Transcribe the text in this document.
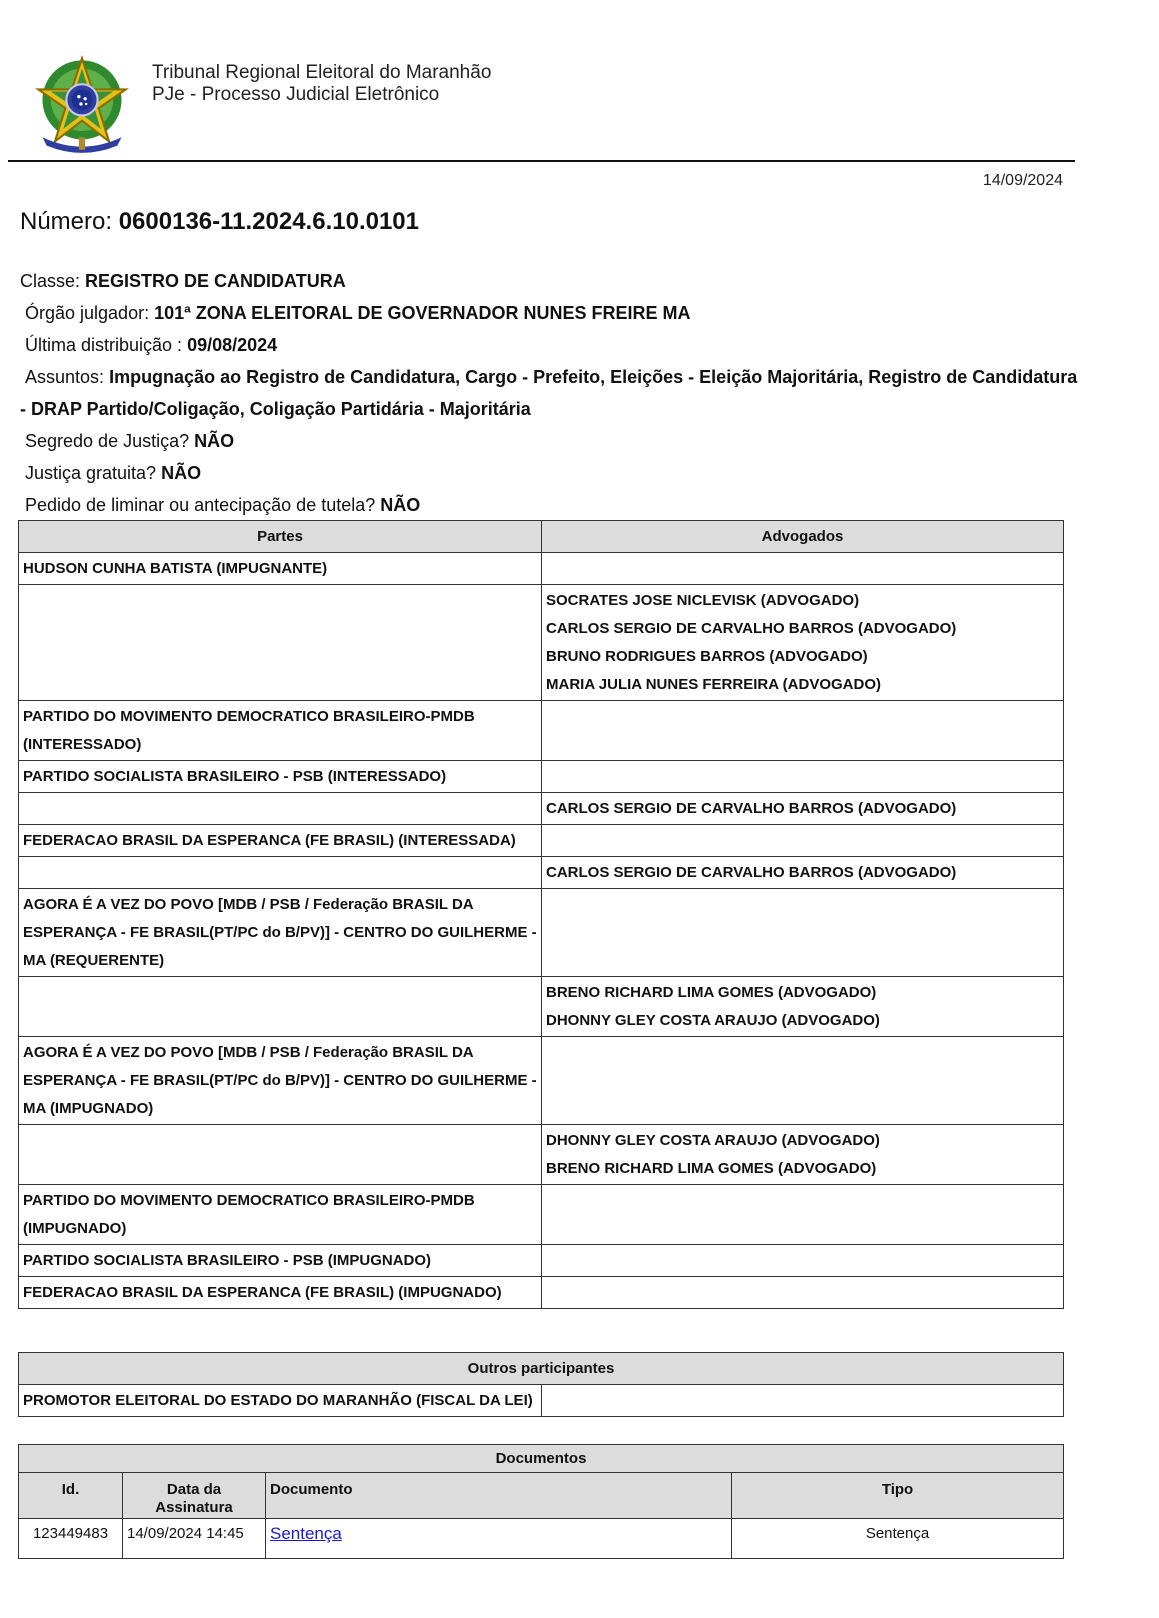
Tribunal Regional Eleitoral do Maranhão
PJe - Processo Judicial Eletrônico
14/09/2024
Número: 0600136-11.2024.6.10.0101
Classe: REGISTRO DE CANDIDATURA
Órgão julgador: 101ª ZONA ELEITORAL DE GOVERNADOR NUNES FREIRE MA
Última distribuição : 09/08/2024
Assuntos: Impugnação ao Registro de Candidatura, Cargo - Prefeito, Eleições - Eleição Majoritária, Registro de Candidatura - DRAP Partido/Coligação, Coligação Partidária - Majoritária
Segredo de Justiça? NÃO
Justiça gratuita? NÃO
Pedido de liminar ou antecipação de tutela? NÃO
Partes	Advogados
HUDSON CUNHA BATISTA (IMPUGNANTE)	

	SOCRATES JOSE NICLEVISK (ADVOGADO)
CARLOS SERGIO DE CARVALHO BARROS (ADVOGADO)
BRUNO RODRIGUES BARROS (ADVOGADO)
MARIA JULIA NUNES FERREIRA (ADVOGADO)

PARTIDO DO MOVIMENTO DEMOCRATICO BRASILEIRO-PMDB (INTERESSADO)	
PARTIDO SOCIALISTA BRASILEIRO - PSB (INTERESSADO)	

	CARLOS SERGIO DE CARVALHO BARROS (ADVOGADO)

FEDERACAO BRASIL DA ESPERANCA (FE BRASIL) (INTERESSADA)	

	CARLOS SERGIO DE CARVALHO BARROS (ADVOGADO)

AGORA É A VEZ DO POVO [MDB / PSB / Federação BRASIL DA ESPERANÇA - FE BRASIL(PT/PC do B/PV)] - CENTRO DO GUILHERME - MA (REQUERENTE)	

	BRENO RICHARD LIMA GOMES (ADVOGADO)
DHONNY GLEY COSTA ARAUJO (ADVOGADO)

AGORA É A VEZ DO POVO [MDB / PSB / Federação BRASIL DA ESPERANÇA - FE BRASIL(PT/PC do B/PV)] - CENTRO DO GUILHERME - MA (IMPUGNADO)	

	DHONNY GLEY COSTA ARAUJO (ADVOGADO)
BRENO RICHARD LIMA GOMES (ADVOGADO)

PARTIDO DO MOVIMENTO DEMOCRATICO BRASILEIRO-PMDB (IMPUGNADO)	
PARTIDO SOCIALISTA BRASILEIRO - PSB (IMPUGNADO)	
FEDERACAO BRASIL DA ESPERANCA (FE BRASIL) (IMPUGNADO)	
Outros participantes
PROMOTOR ELEITORAL DO ESTADO DO MARANHÃO (FISCAL DA LEI)	
Documentos			
Id.	Data da Assinatura	Documento	Tipo
123449483	14/09/2024 14:45	Sentença	Sentença
